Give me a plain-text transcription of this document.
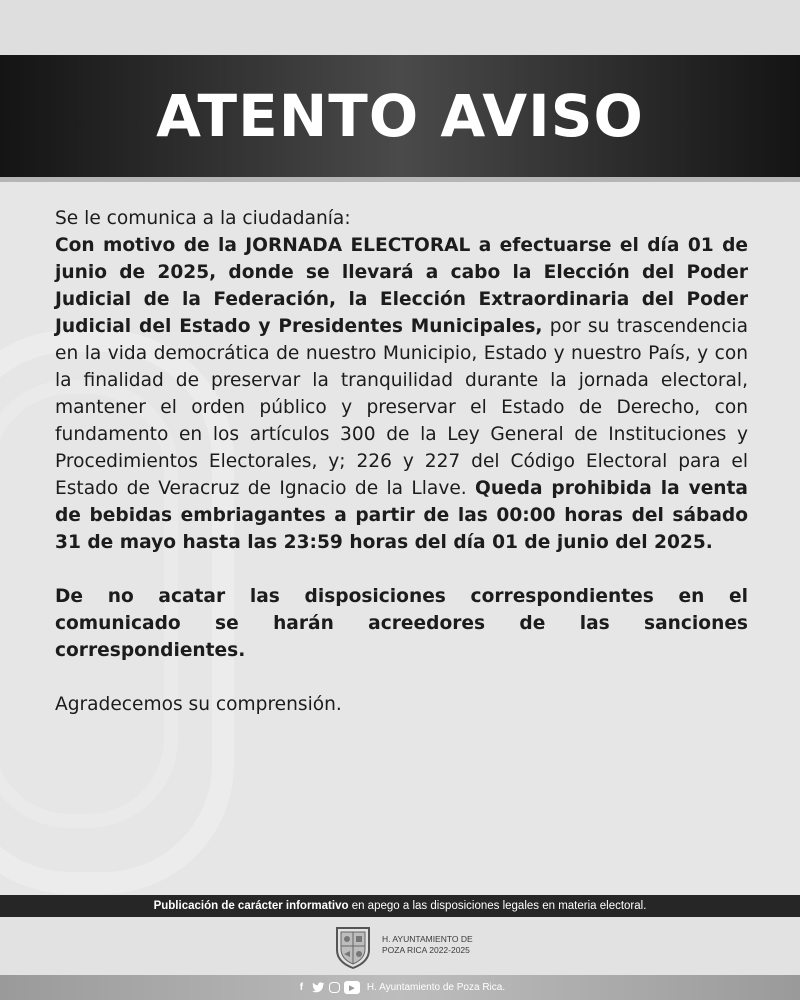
ATENTO AVISO

Se le comunica a la ciudadanía:

Con motivo de la JORNADA ELECTORAL a efectuarse el día 01 de junio de 2025, donde se llevará a cabo la Elección del Poder Judicial de la Federación, la Elección Extraordinaria del Poder Judicial del Estado y Presidentes Municipales, por su trascendencia en la vida democrática de nuestro Municipio, Estado y nuestro País, y con la finalidad de preservar la tranquilidad durante la jornada electoral, mantener el orden público y preservar el Estado de Derecho, con fundamento en los artículos 300 de la Ley General de Instituciones y Procedimientos Electorales, y; 226 y 227 del Código Electoral para el Estado de Veracruz de Ignacio de la Llave. Queda prohibida la venta de bebidas embriagantes a partir de las 00:00 horas del sábado 31 de mayo hasta las 23:59 horas del día 01 de junio del 2025.

De no acatar las disposiciones correspondientes en el comunicado se harán acreedores de las sanciones correspondientes.

Agradecemos su comprensión.

Publicación de carácter informativo en apego a las disposiciones legales en materia electoral.
H. AYUNTAMIENTO DE
POZA RICA 2022-2025
f	▶	H. Ayuntamiento de Poza Rica.
